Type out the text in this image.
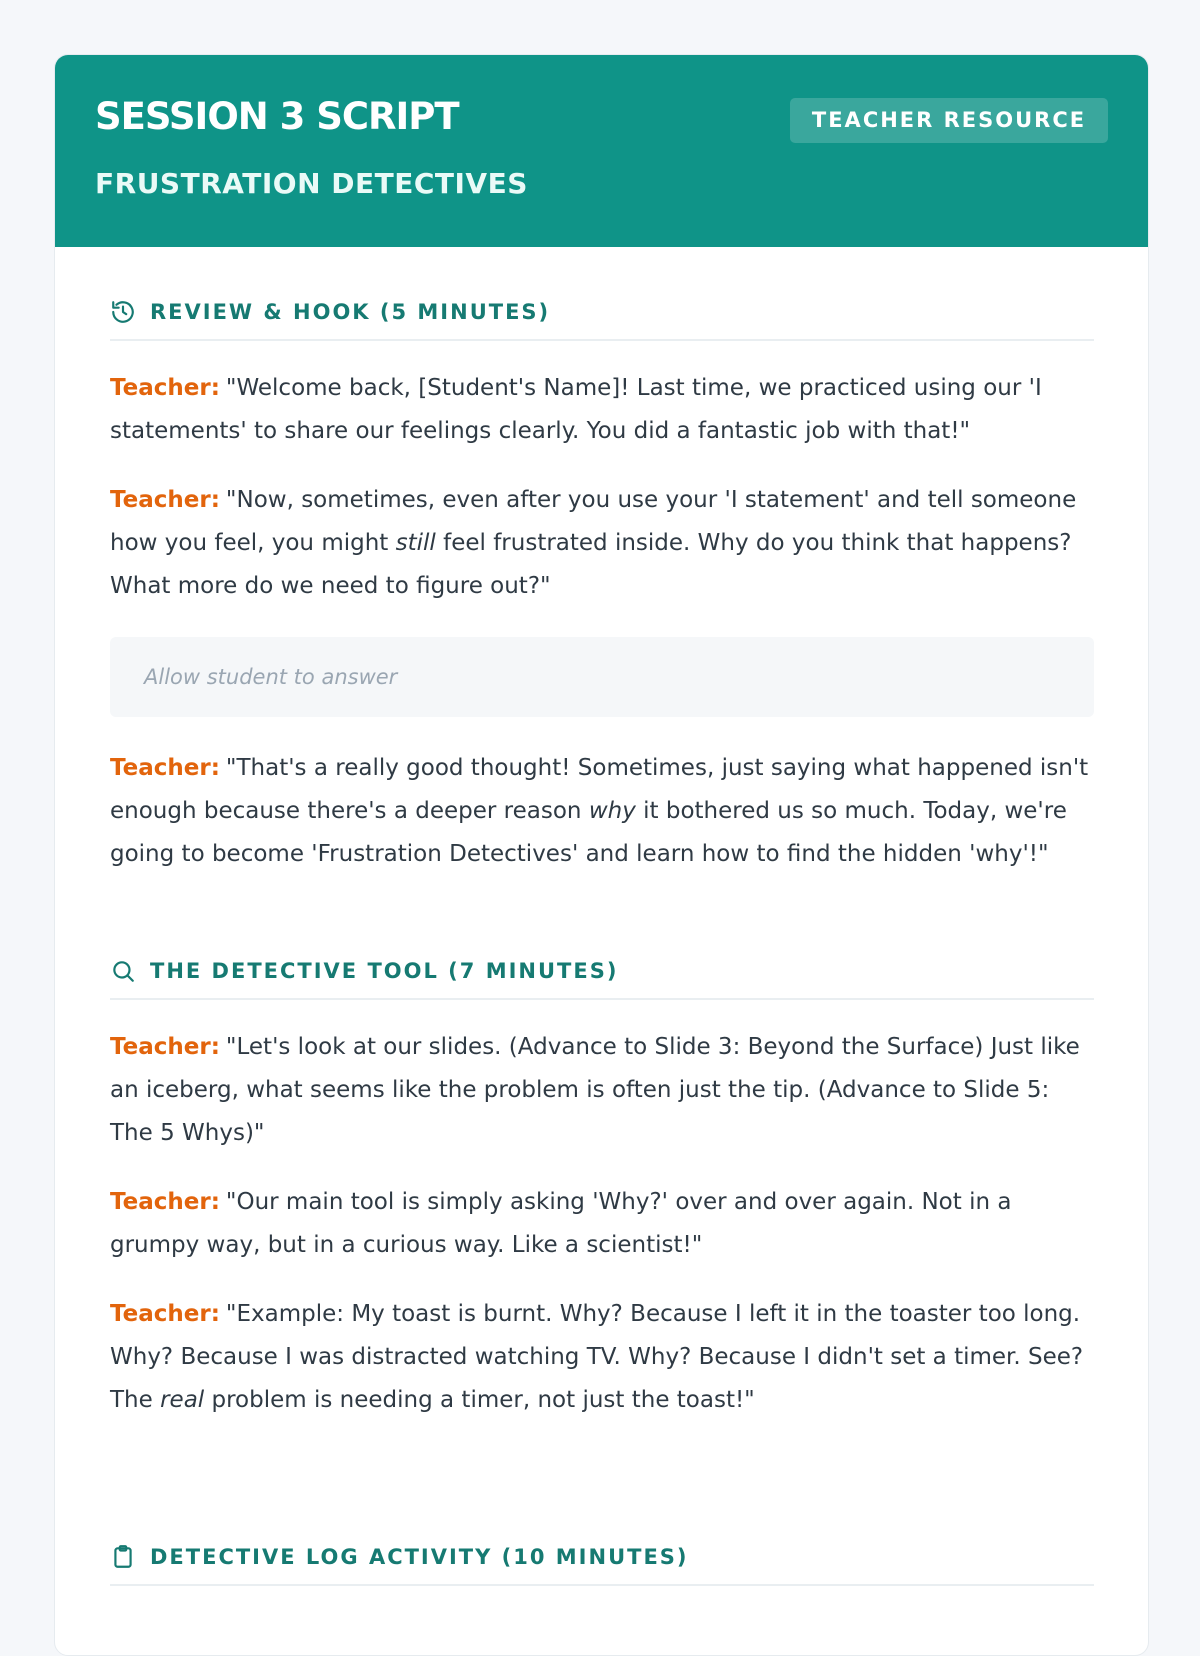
SESSION 3 SCRIPT
FRUSTRATION DETECTIVES
TEACHER RESOURCE
REVIEW & HOOK (5 MINUTES)

Teacher: "Welcome back, [Student's Name]! Last time, we practiced using our 'I statements' to share our feelings clearly. You did a fantastic job with that!"

Teacher: "Now, sometimes, even after you use your 'I statement' and tell someone how you feel, you might still feel frustrated inside. Why do you think that happens? What more do we need to figure out?"

Allow student to answer

Teacher: "That's a really good thought! Sometimes, just saying what happened isn't enough because there's a deeper reason why it bothered us so much. Today, we're going to become 'Frustration Detectives' and learn how to find the hidden 'why'!"

THE DETECTIVE TOOL (7 MINUTES)

Teacher: "Let's look at our slides. (Advance to Slide 3: Beyond the Surface) Just like an iceberg, what seems like the problem is often just the tip. (Advance to Slide 5: The 5 Whys)"

Teacher: "Our main tool is simply asking 'Why?' over and over again. Not in a grumpy way, but in a curious way. Like a scientist!"

Teacher: "Example: My toast is burnt. Why? Because I left it in the toaster too long. Why? Because I was distracted watching TV. Why? Because I didn't set a timer. See? The real problem is needing a timer, not just the toast!"

DETECTIVE LOG ACTIVITY (10 MINUTES)
